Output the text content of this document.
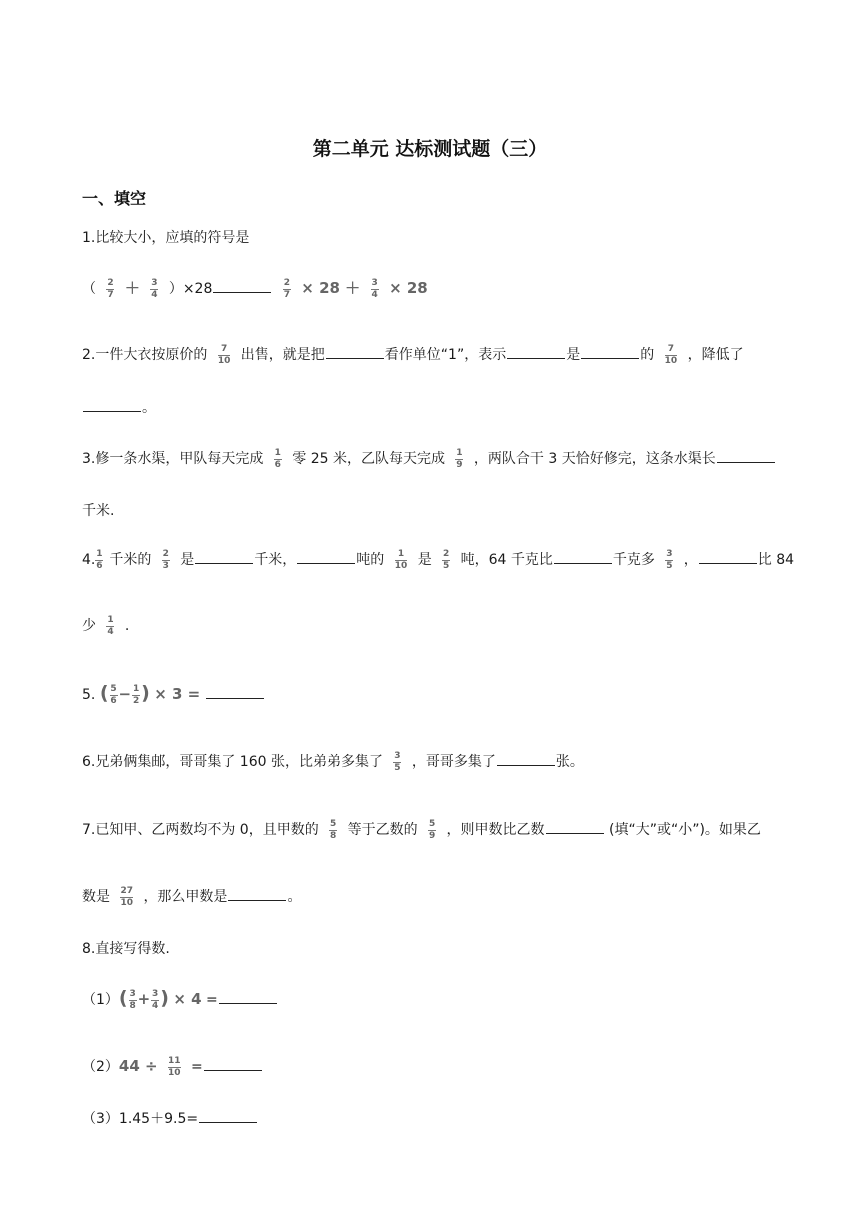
第二单元 达标测试题（三）
一、填空
1.比较大小，应填的符号是
（ $\frac{2}{7} + \frac{3}{4} )\times 28$	$\frac{2}{7} \times 28 + \frac{3}{4} \times 28$
2.一件大衣按原价的 $\frac{7}{10}$ 出售，就是把	看作单位“1”，表示	是	的 $\frac{7}{10}$ ，降低了
。
3.修一条水渠，甲队每天完成 $\frac{1}{6}$ 零 25 米，乙队每天完成 $\frac{1}{9}$ ，两队合干 3 天恰好修完，这条水渠长
千米.
4. $\frac{1}{6}$ 千米的 $\frac{2}{3}$ 是	千米，	吨的 $\frac{1}{10}$ 是 $\frac{2}{5}$ 吨，64 千克比	千克多 $\frac{3}{5}$ ，	比 84
少 $\frac{1}{4}$ .
5. ( $\frac{5}{6} - \frac{1}{2}$ ) × 3 =
6.兄弟俩集邮，哥哥集了 160 张，比弟弟多集了 $\frac{3}{5}$ ，哥哥多集了	张。
7.已知甲、乙两数均不为 0，且甲数的 $\frac{5}{8}$ 等于乙数的 $\frac{5}{9}$ ，则甲数比乙数	(填“大”或“小”)。如果乙
数是 $\frac{27}{10}$ ，那么甲数是	。
8.直接写得数.
$(1)( \frac{3}{8} + \frac{3}{4}$ ) × 4 =
$(2)44 \div \frac{11}{10}$ =
（3）1.45＋9.5=
